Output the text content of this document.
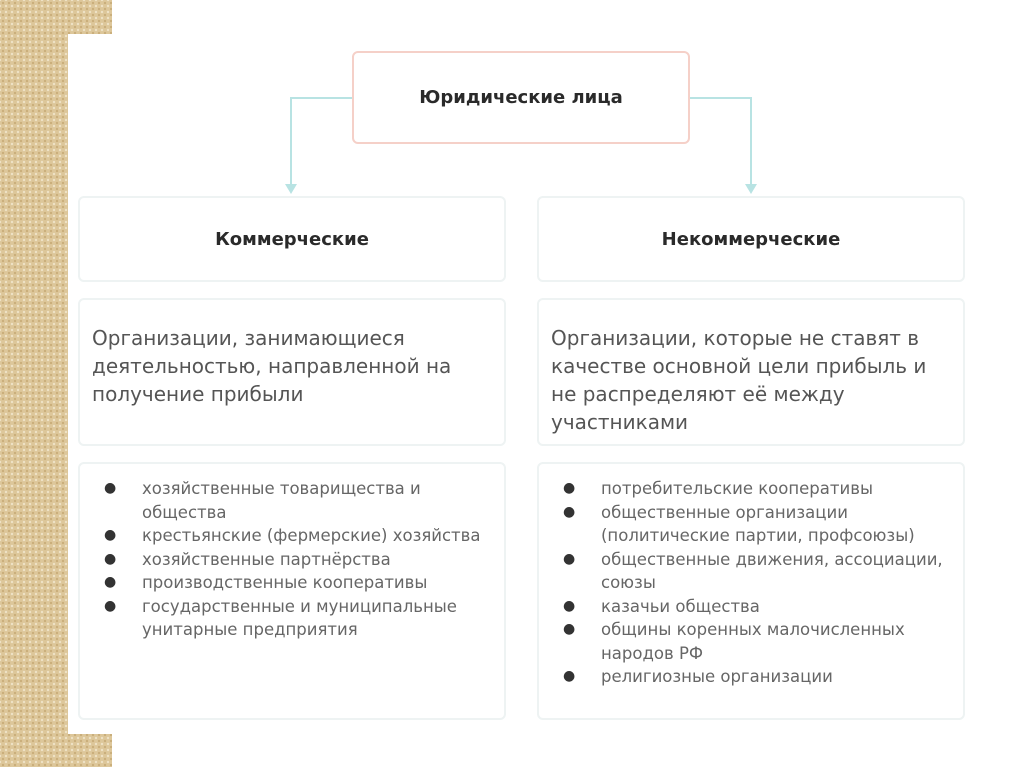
Юридические лица
Коммерческие	Некоммерческие
Организации, занимающиеся деятельностью, направленной на получение прибыли
Организации, которые не ставят в качестве основной цели прибыль и не распределяют её между участниками
● хозяйственные товарищества и общества
● крестьянские (фермерские) хозяйства
● хозяйственные партнёрства
● производственные кооперативы
● государственные и муниципальные унитарные предприятия
● потребительские кооперативы
● общественные организации (политические партии, профсоюзы)
● общественные движения, ассоциации, союзы
● казачьи общества
● общины коренных малочисленных народов РФ
● религиозные организации
